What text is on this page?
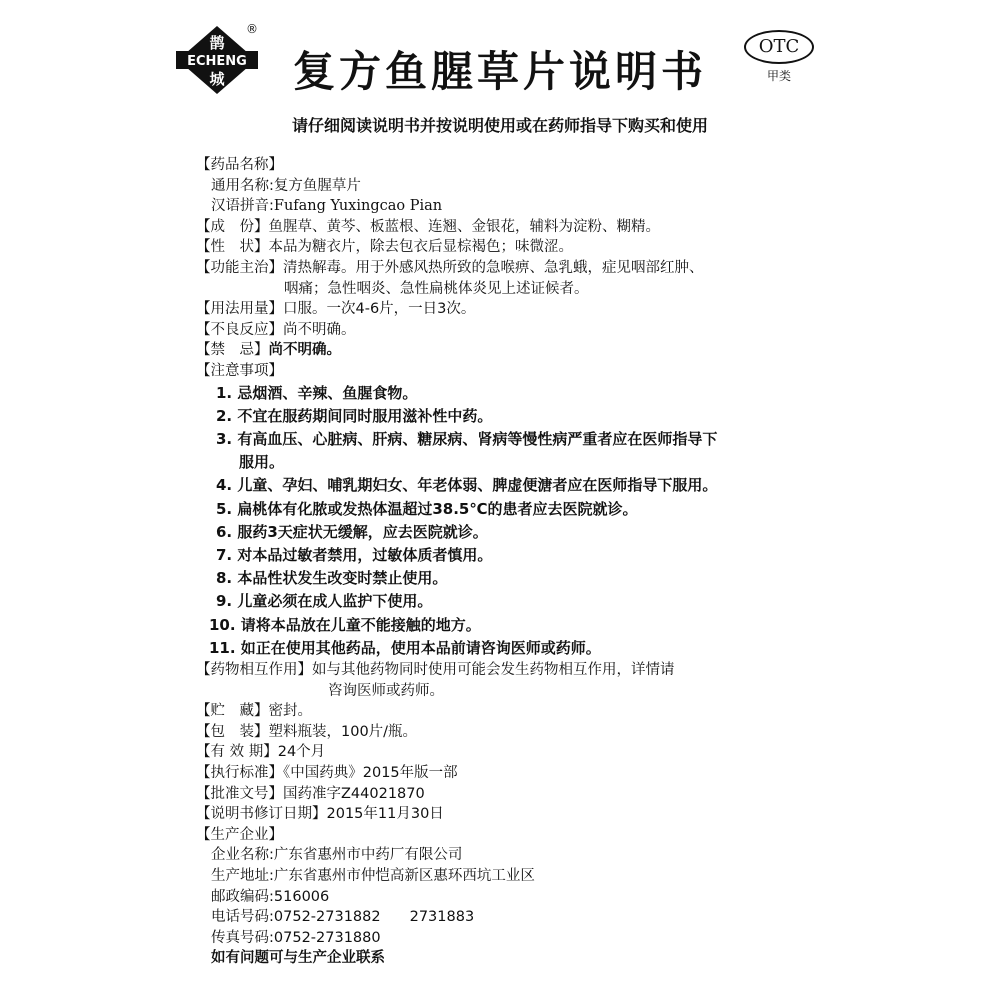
鹊
ECHENG
城
®
复方鱼腥草片说明书
OTC
甲类
请仔细阅读说明书并按说明使用或在药师指导下购买和使用
【药品名称】
通用名称:复方鱼腥草片
汉语拼音:Fufang Yuxingcao Pian
【成　份】鱼腥草、黄芩、板蓝根、连翘、金银花，辅料为淀粉、糊精。
【性　状】本品为糖衣片，除去包衣后显棕褐色；味微涩。
【功能主治】清热解毒。用于外感风热所致的急喉痹、急乳蛾，症见咽部红肿、
咽痛；急性咽炎、急性扁桃体炎见上述证候者。
【用法用量】口服。一次4-6片，一日3次。
【不良反应】尚不明确。
【禁　忌】尚不明确。
【注意事项】
1. 忌烟酒、辛辣、鱼腥食物。
2. 不宜在服药期间同时服用滋补性中药。
3. 有高血压、心脏病、肝病、糖尿病、肾病等慢性病严重者应在医师指导下
服用。
4. 儿童、孕妇、哺乳期妇女、年老体弱、脾虚便溏者应在医师指导下服用。
5. 扁桃体有化脓或发热体温超过38.5℃的患者应去医院就诊。
6. 服药3天症状无缓解，应去医院就诊。
7. 对本品过敏者禁用，过敏体质者慎用。
8. 本品性状发生改变时禁止使用。
9. 儿童必须在成人监护下使用。
10. 请将本品放在儿童不能接触的地方。
11. 如正在使用其他药品，使用本品前请咨询医师或药师。
【药物相互作用】如与其他药物同时使用可能会发生药物相互作用，详情请
咨询医师或药师。
【贮　藏】密封。
【包　装】塑料瓶装，100片/瓶。
【有 效 期】24个月
【执行标准】《中国药典》2015年版一部
【批准文号】国药准字Z44021870
【说明书修订日期】2015年11月30日
【生产企业】
企业名称:广东省惠州市中药厂有限公司
生产地址:广东省惠州市仲恺高新区惠环西坑工业区
邮政编码:516006
电话号码:0752-2731882　　2731883
传真号码:0752-2731880
如有问题可与生产企业联系
